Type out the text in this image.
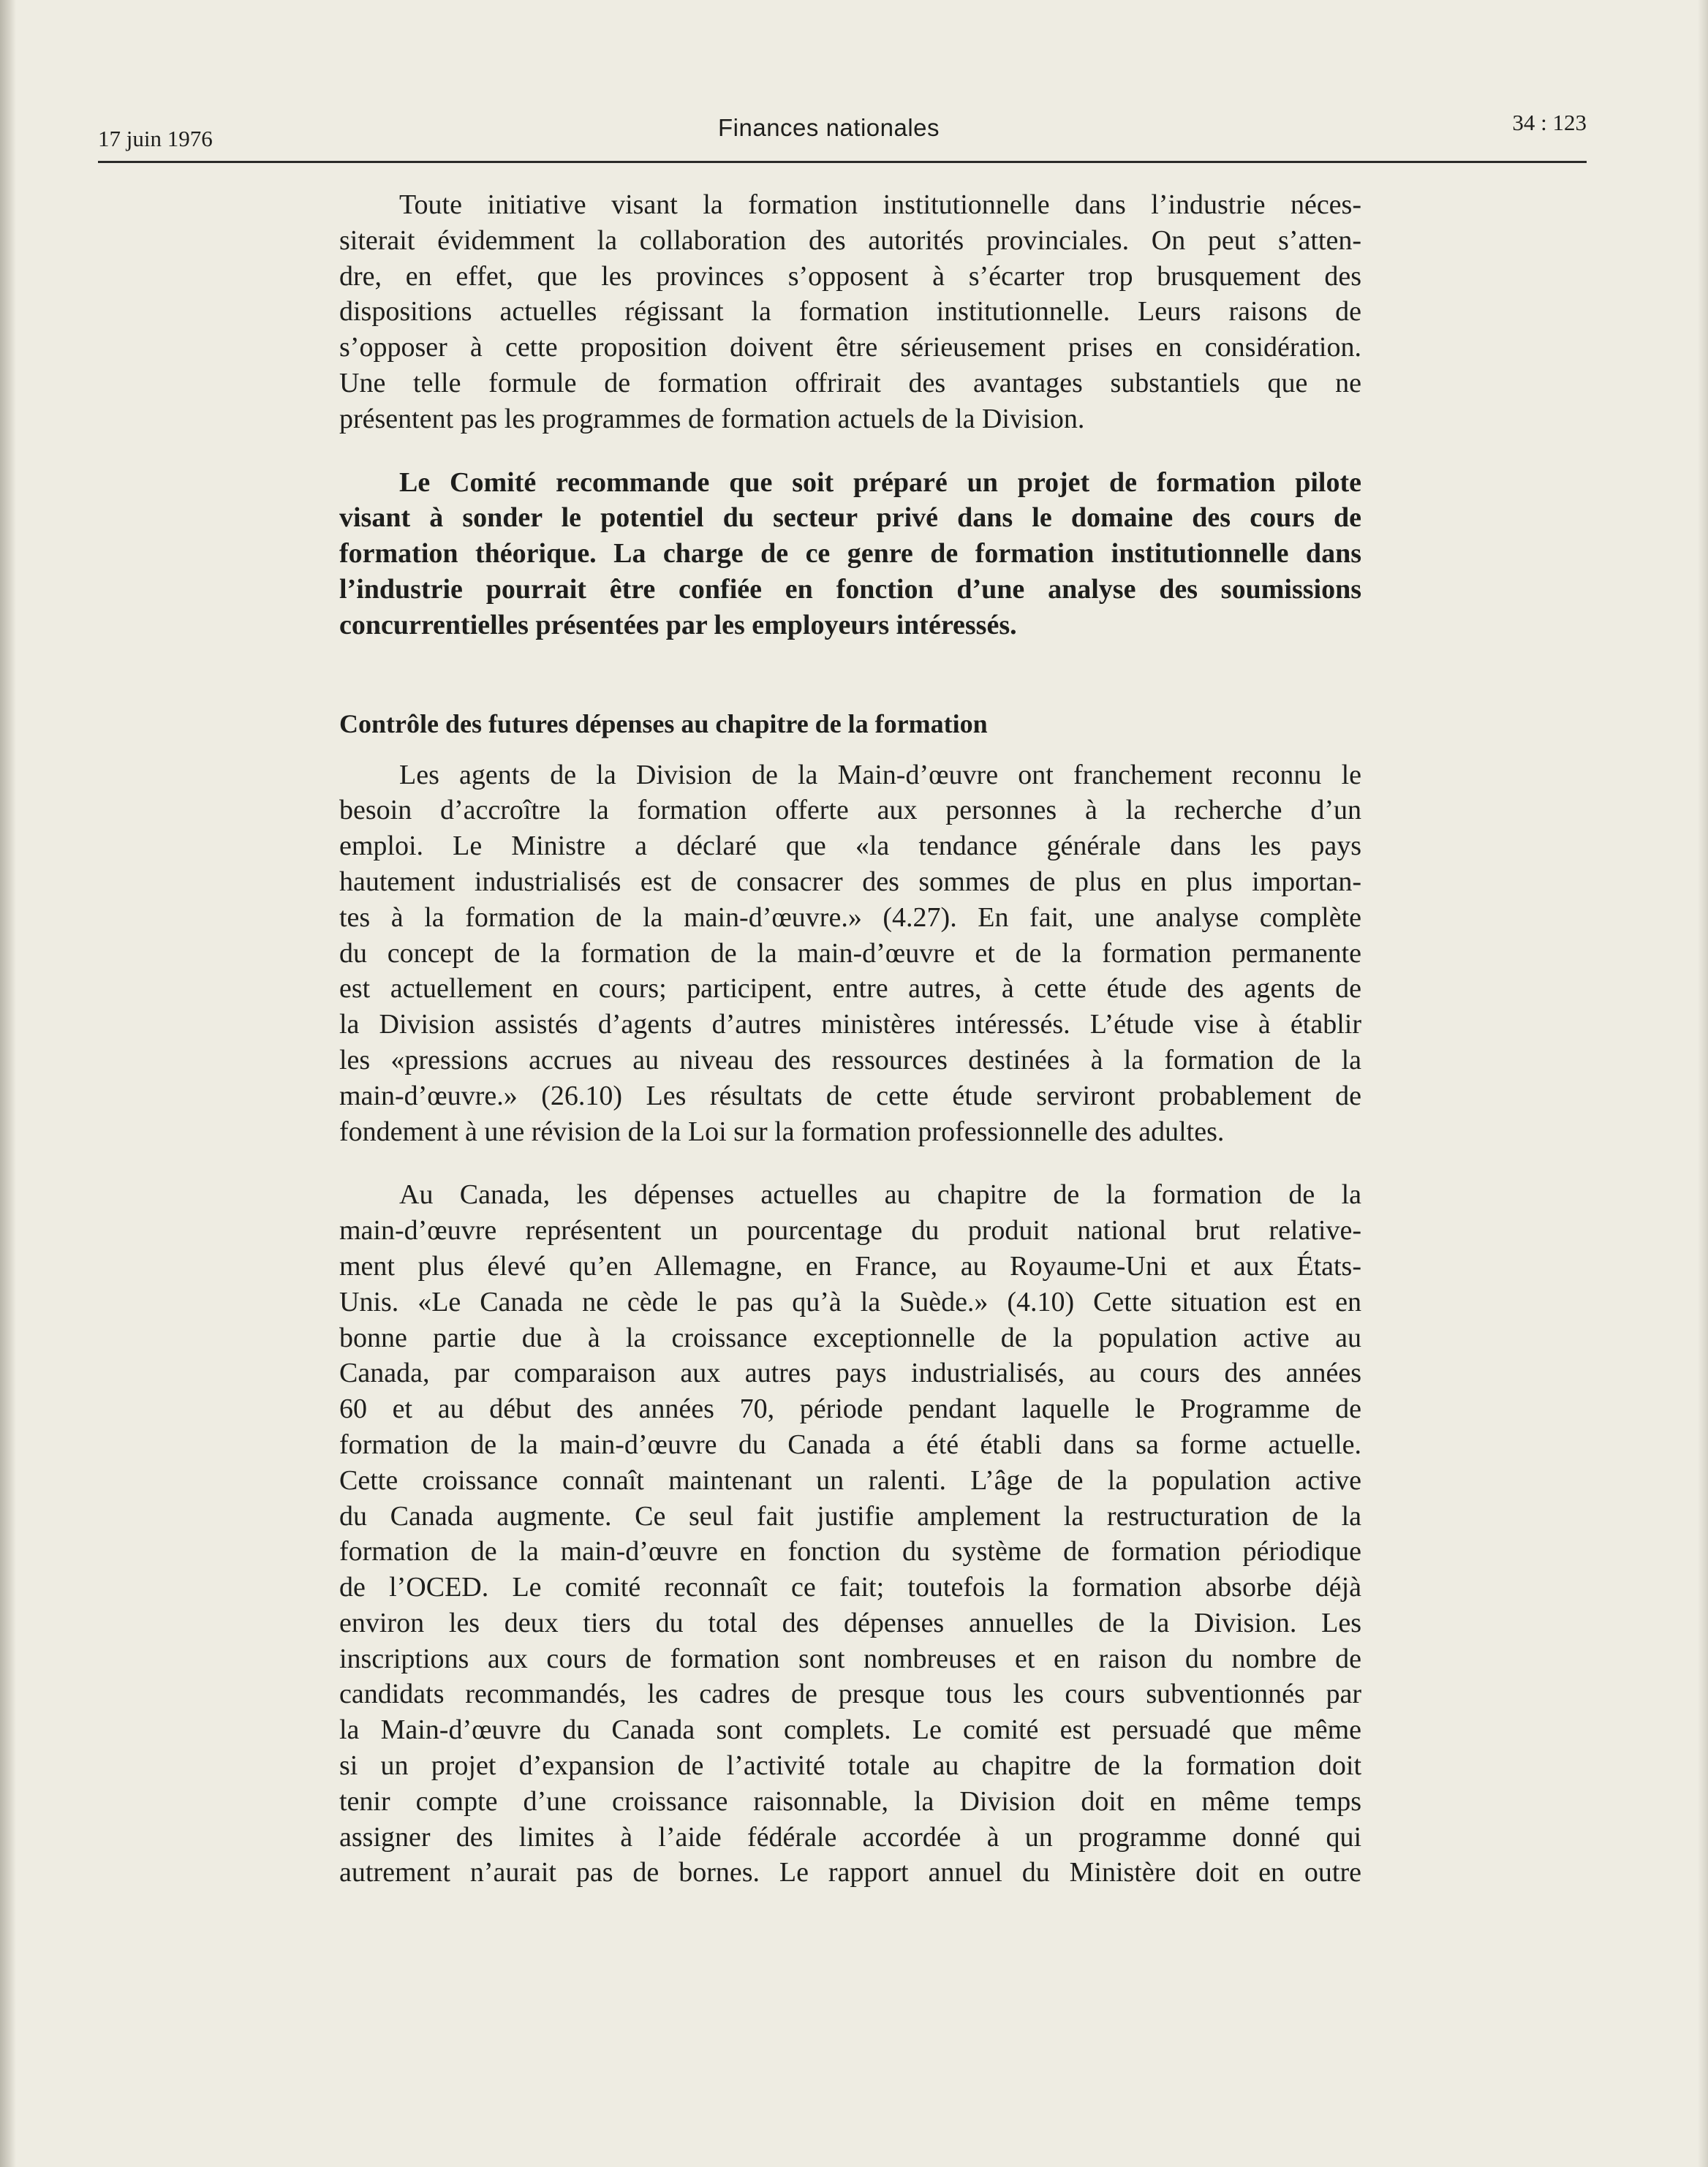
17 juin 1976	Finances nationales	34 : 123

Toute initiative visant la formation institutionnelle dans l’industrie néces-
siterait évidemment la collaboration des autorités provinciales. On peut s’atten-
dre, en effet, que les provinces s’opposent à s’écarter trop brusquement des
dispositions actuelles régissant la formation institutionnelle. Leurs raisons de
s’opposer à cette proposition doivent être sérieusement prises en considération.
Une telle formule de formation offrirait des avantages substantiels que ne
présentent pas les programmes de formation actuels de la Division.

Le Comité recommande que soit préparé un projet de formation pilote
visant à sonder le potentiel du secteur privé dans le domaine des cours de
formation théorique. La charge de ce genre de formation institutionnelle dans
l’industrie pourrait être confiée en fonction d’une analyse des soumissions
concurrentielles présentées par les employeurs intéressés.

Contrôle des futures dépenses au chapitre de la formation

Les agents de la Division de la Main-d’œuvre ont franchement reconnu le
besoin d’accroître la formation offerte aux personnes à la recherche d’un
emploi. Le Ministre a déclaré que «la tendance générale dans les pays
hautement industrialisés est de consacrer des sommes de plus en plus importan-
tes à la formation de la main-d’œuvre.» (4.27). En fait, une analyse complète
du concept de la formation de la main-d’œuvre et de la formation permanente
est actuellement en cours; participent, entre autres, à cette étude des agents de
la Division assistés d’agents d’autres ministères intéressés. L’étude vise à établir
les «pressions accrues au niveau des ressources destinées à la formation de la
main-d’œuvre.» (26.10) Les résultats de cette étude serviront probablement de
fondement à une révision de la Loi sur la formation professionnelle des adultes.

Au Canada, les dépenses actuelles au chapitre de la formation de la
main-d’œuvre représentent un pourcentage du produit national brut relative-
ment plus élevé qu’en Allemagne, en France, au Royaume-Uni et aux États-
Unis. «Le Canada ne cède le pas qu’à la Suède.» (4.10) Cette situation est en
bonne partie due à la croissance exceptionnelle de la population active au
Canada, par comparaison aux autres pays industrialisés, au cours des années
60 et au début des années 70, période pendant laquelle le Programme de
formation de la main-d’œuvre du Canada a été établi dans sa forme actuelle.
Cette croissance connaît maintenant un ralenti. L’âge de la population active
du Canada augmente. Ce seul fait justifie amplement la restructuration de la
formation de la main-d’œuvre en fonction du système de formation périodique
de l’OCED. Le comité reconnaît ce fait; toutefois la formation absorbe déjà
environ les deux tiers du total des dépenses annuelles de la Division. Les
inscriptions aux cours de formation sont nombreuses et en raison du nombre de
candidats recommandés, les cadres de presque tous les cours subventionnés par
la Main-d’œuvre du Canada sont complets. Le comité est persuadé que même
si un projet d’expansion de l’activité totale au chapitre de la formation doit
tenir compte d’une croissance raisonnable, la Division doit en même temps
assigner des limites à l’aide fédérale accordée à un programme donné qui
autrement n’aurait pas de bornes. Le rapport annuel du Ministère doit en outre
